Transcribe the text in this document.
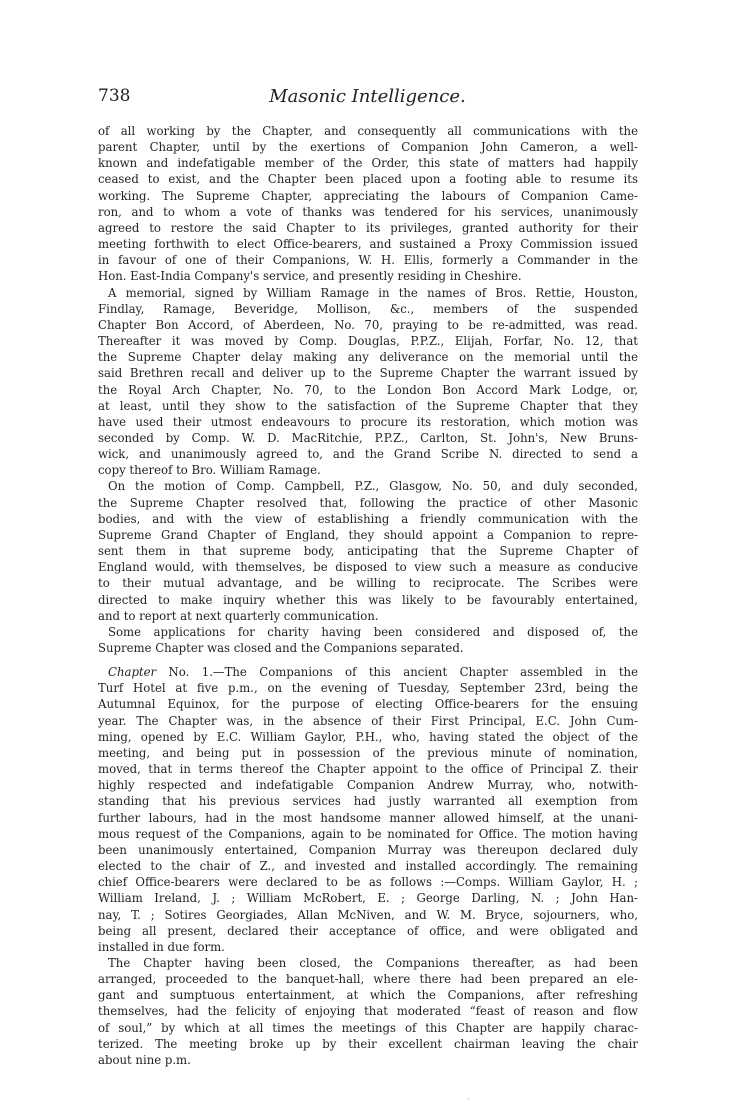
738	Masonic Intelligence.
of all working by the Chapter, and consequently all communications with the
parent Chapter, until by the exertions of Companion John Cameron, a well-
known and indefatigable member of the Order, this state of matters had happily
ceased to exist, and the Chapter been placed upon a footing able to resume its
working. The Supreme Chapter, appreciating the labours of Companion Came-
ron, and to whom a vote of thanks was tendered for his services, unanimously
agreed to restore the said Chapter to its privileges, granted authority for their
meeting forthwith to elect Office-bearers, and sustained a Proxy Commission issued
in favour of one of their Companions, W. H. Ellis, formerly a Commander in the
Hon. East-India Company's service, and presently residing in Cheshire.
A memorial, signed by William Ramage in the names of Bros. Rettie, Houston,
Findlay, Ramage, Beveridge, Mollison, &c., members of the suspended
Chapter Bon Accord, of Aberdeen, No. 70, praying to be re-admitted, was read.
Thereafter it was moved by Comp. Douglas, P.P.Z., Elijah, Forfar, No. 12, that
the Supreme Chapter delay making any deliverance on the memorial until the
said Brethren recall and deliver up to the Supreme Chapter the warrant issued by
the Royal Arch Chapter, No. 70, to the London Bon Accord Mark Lodge, or,
at least, until they show to the satisfaction of the Supreme Chapter that they
have used their utmost endeavours to procure its restoration, which motion was
seconded by Comp. W. D. MacRitchie, P.P.Z., Carlton, St. John's, New Bruns-
wick, and unanimously agreed to, and the Grand Scribe N. directed to send a
copy thereof to Bro. William Ramage.
On the motion of Comp. Campbell, P.Z., Glasgow, No. 50, and duly seconded,
the Supreme Chapter resolved that, following the practice of other Masonic
bodies, and with the view of establishing a friendly communication with the
Supreme Grand Chapter of England, they should appoint a Companion to repre-
sent them in that supreme body, anticipating that the Supreme Chapter of
England would, with themselves, be disposed to view such a measure as conducive
to their mutual advantage, and be willing to reciprocate. The Scribes were
directed to make inquiry whether this was likely to be favourably entertained,
and to report at next quarterly communication.
Some applications for charity having been considered and disposed of, the
Supreme Chapter was closed and the Companions separated.
Chapter No. 1.—The Companions of this ancient Chapter assembled in the
Turf Hotel at five p.m., on the evening of Tuesday, September 23rd, being the
Autumnal Equinox, for the purpose of electing Office-bearers for the ensuing
year. The Chapter was, in the absence of their First Principal, E.C. John Cum-
ming, opened by E.C. William Gaylor, P.H., who, having stated the object of the
meeting, and being put in possession of the previous minute of nomination,
moved, that in terms thereof the Chapter appoint to the office of Principal Z. their
highly respected and indefatigable Companion Andrew Murray, who, notwith-
standing that his previous services had justly warranted all exemption from
further labours, had in the most handsome manner allowed himself, at the unani-
mous request of the Companions, again to be nominated for Office. The motion having
been unanimously entertained, Companion Murray was thereupon declared duly
elected to the chair of Z., and invested and installed accordingly. The remaining
chief Office-bearers were declared to be as follows :—Comps. William Gaylor, H. ;
William Ireland, J. ; William McRobert, E. ; George Darling, N. ; John Han-
nay, T. ; Sotires Georgiades, Allan McNiven, and W. M. Bryce, sojourners, who,
being all present, declared their acceptance of office, and were obligated and
installed in due form.
The Chapter having been closed, the Companions thereafter, as had been
arranged, proceeded to the banquet-hall, where there had been prepared an ele-
gant and sumptuous entertainment, at which the Companions, after refreshing
themselves, had the felicity of enjoying that moderated “feast of reason and flow
of soul,” by which at all times the meetings of this Chapter are happily charac-
terized. The meeting broke up by their excellent chairman leaving the chair
about nine p.m.
'
